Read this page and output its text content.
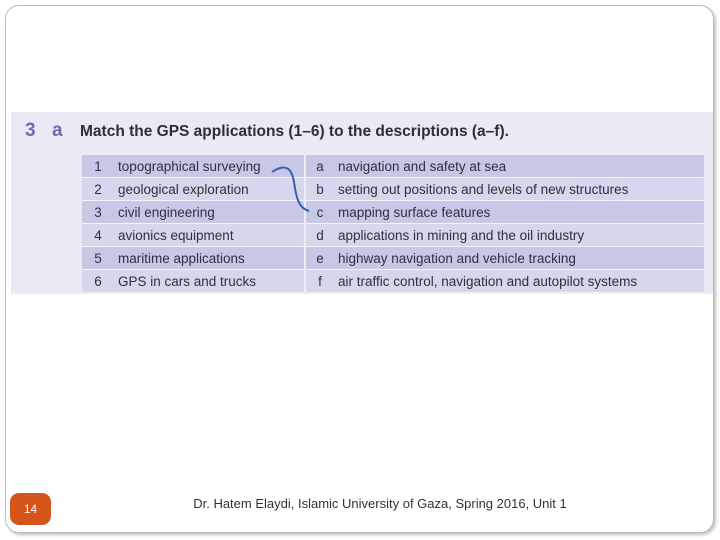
3 a Match the GPS applications (1–6) to the descriptions (a–f).
1	topographical surveying	a	navigation and safety at sea
2	geological exploration	b	setting out positions and levels of new structures
3	civil engineering	c	mapping surface features
4	avionics equipment	d	applications in mining and the oil industry
5	maritime applications	e	highway navigation and vehicle tracking
6	GPS in cars and trucks	f	air traffic control, navigation and autopilot systems
14	Dr. Hatem Elaydi, Islamic University of Gaza, Spring 2016, Unit 1
